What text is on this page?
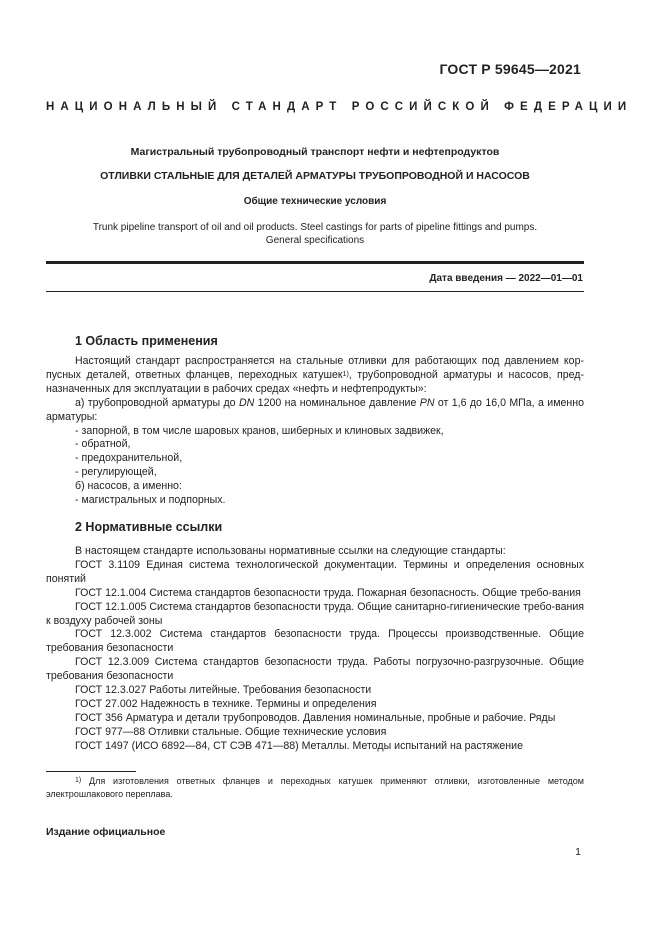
ГОСТ Р 59645—2021
НАЦИОНАЛЬНЫЙ СТАНДАРТ РОССИЙСКОЙ ФЕДЕРАЦИИ
Магистральный трубопроводный транспорт нефти и нефтепродуктов
ОТЛИВКИ СТАЛЬНЫЕ ДЛЯ ДЕТАЛЕЙ АРМАТУРЫ ТРУБОПРОВОДНОЙ И НАСОСОВ
Общие технические условия
Trunk pipeline transport of oil and oil products. Steel castings for parts of pipeline fittings and pumps.
General specifications
Дата введения — 2022—01—01
1 Область применения

Настоящий стандарт распространяется на стальные отливки для работающих под давлением кор-пусных деталей, ответных фланцев, переходных катушек$^{1)}$, трубопроводной арматуры и насосов, пред-назначенных для эксплуатации в рабочих средах «нефть и нефтепродукты»:

а) трубопроводной арматуры до DN 1200 на номинальное давление PN от 1,6 до 16,0 МПа, а именно арматуры:

- запорной, в том числе шаровых кранов, шиберных и клиновых задвижек,

- обратной,

- предохранительной,

- регулирующей,

б) насосов, а именно:

- магистральных и подпорных.

2 Нормативные ссылки

В настоящем стандарте использованы нормативные ссылки на следующие стандарты:

ГОСТ 3.1109 Единая система технологической документации. Термины и определения основных понятий

ГОСТ 12.1.004 Система стандартов безопасности труда. Пожарная безопасность. Общие требо-вания

ГОСТ 12.1.005 Система стандартов безопасности труда. Общие санитарно-гигиенические требо-вания к воздуху рабочей зоны

ГОСТ 12.3.002 Система стандартов безопасности труда. Процессы производственные. Общие требования безопасности

ГОСТ 12.3.009 Система стандартов безопасности труда. Работы погрузочно-разгрузочные. Общие требования безопасности

ГОСТ 12.3.027 Работы литейные. Требования безопасности

ГОСТ 27.002 Надежность в технике. Термины и определения

ГОСТ 356 Арматура и детали трубопроводов. Давления номинальные, пробные и рабочие. Ряды

ГОСТ 977—88 Отливки стальные. Общие технические условия

ГОСТ 1497 (ИСО 6892—84, СТ СЭВ 471—88) Металлы. Методы испытаний на растяжение

$^{1)}$ Для изготовления ответных фланцев и переходных катушек применяют отливки, изготовленные методом электрошлакового переплава.

Издание официальное
1
